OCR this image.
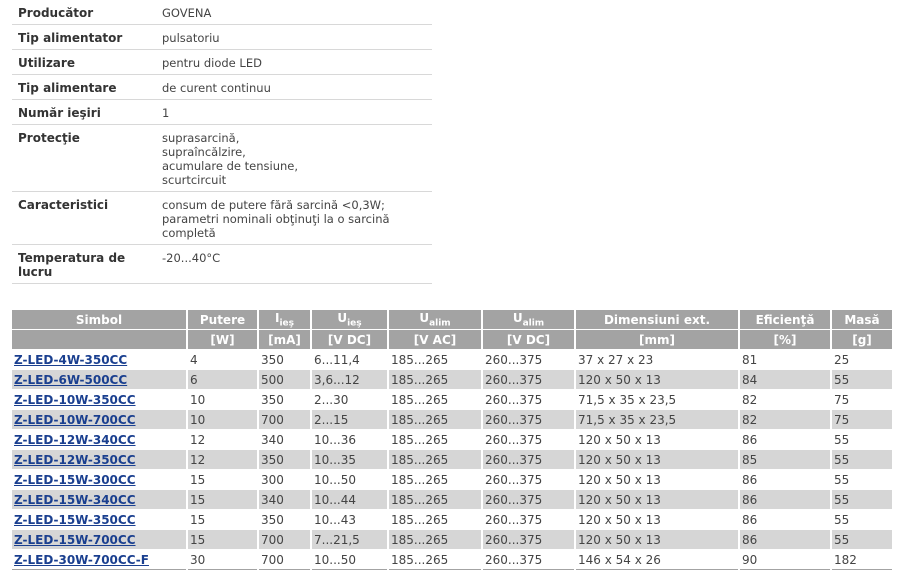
Producător	GOVENA

Tip alimentator	pulsatoriu

Utilizare	pentru diode LED

Tip alimentare	de curent continuu

Număr ieşiri	1

Protecţie	suprasarcină,
supraîncălzire,
acumulare de tensiune,
scurtcircuit

Caracteristici	consum de putere fără sarcină <0,3W;
parametri nominali obţinuţi la o sarcină completă

Temperatura de lucru	-20...40°C
Simbol	Putere	$I_{ieş}$	$U_{ieş}$	$U_{alim}$	$U_{alim}$	Dimensiuni ext.	Eficienţă	Masă
	[W]	[mA]	[V DC]	[V AC]	[V DC]	[mm]	[%]	[g]
Z-LED-4W-350CC	4	350	6...11,4	185...265	260...375	37 x 27 x 23	81	25
Z-LED-6W-500CC	6	500	3,6...12	185...265	260...375	120 x 50 x 13	84	55
Z-LED-10W-350CC	10	350	2...30	185...265	260...375	71,5 x 35 x 23,5	82	75
Z-LED-10W-700CC	10	700	2...15	185...265	260...375	71,5 x 35 x 23,5	82	75
Z-LED-12W-340CC	12	340	10...36	185...265	260...375	120 x 50 x 13	86	55
Z-LED-12W-350CC	12	350	10...35	185...265	260...375	120 x 50 x 13	85	55
Z-LED-15W-300CC	15	300	10...50	185...265	260...375	120 x 50 x 13	86	55
Z-LED-15W-340CC	15	340	10...44	185...265	260...375	120 x 50 x 13	86	55
Z-LED-15W-350CC	15	350	10...43	185...265	260...375	120 x 50 x 13	86	55
Z-LED-15W-700CC	15	700	7...21,5	185...265	260...375	120 x 50 x 13	86	55
Z-LED-30W-700CC-F	30	700	10...50	185...265	260...375	146 x 54 x 26	90	182
